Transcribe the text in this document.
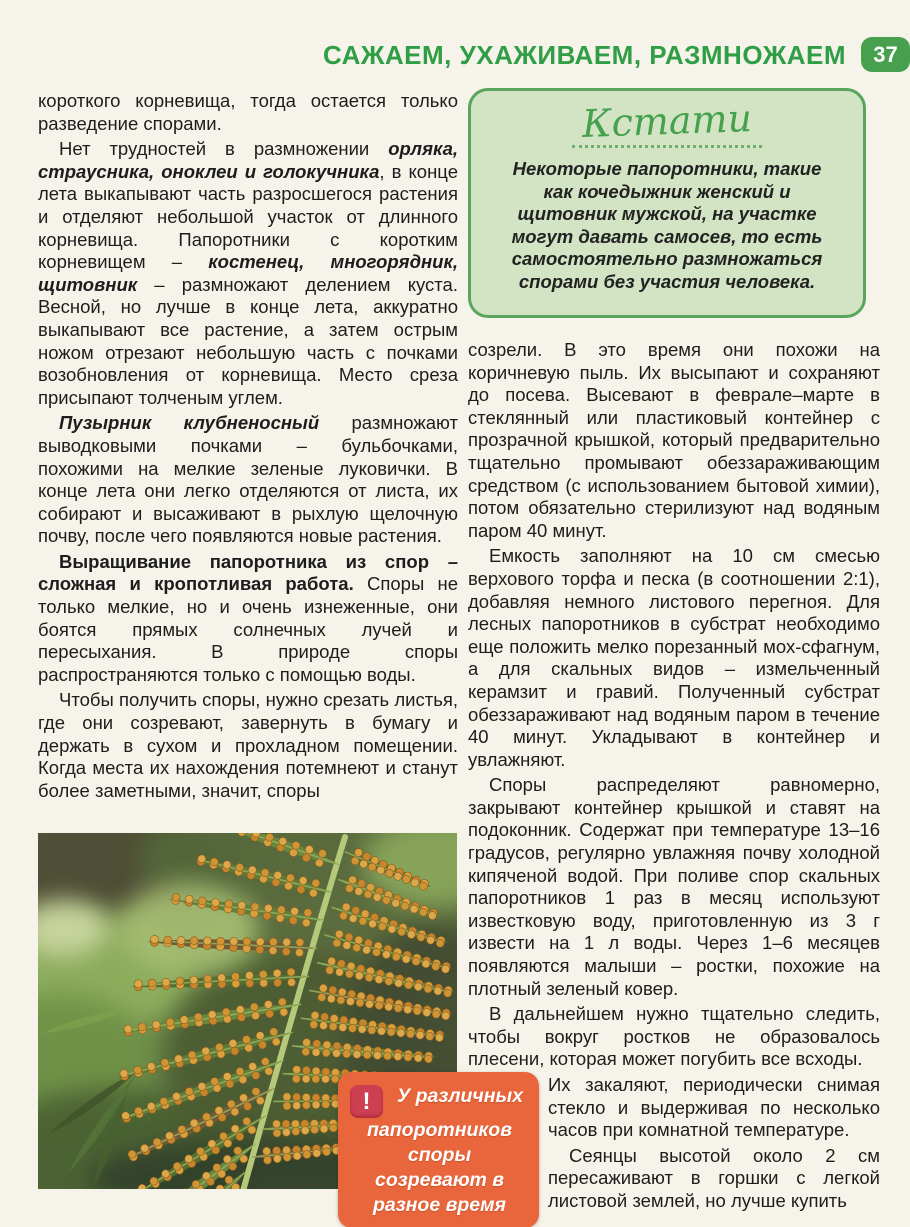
САЖАЕМ, УХАЖИВАЕМ, РАЗМНОЖАЕМ 37

короткого корневища, тогда остается только разведение спорами.

Нет трудностей в размножении орляка, страусника, оноклеи и голокучника, в конце лета выкапывают часть разросшегося растения и отделяют небольшой участок от длинного корневища. Папоротники с коротким корневищем – костенец, многорядник, щитовник – размножают делением куста. Весной, но лучше в конце лета, аккуратно выкапывают все растение, а затем острым ножом отрезают небольшую часть с почками возобновления от корневища. Место среза присыпают толченым углем.

Пузырник клубненосный размножают выводковыми почками – бульбочками, похожими на мелкие зеленые луковички. В конце лета они легко отделяются от листа, их собирают и высаживают в рыхлую щелочную почву, после чего появляются новые растения.

Выращивание папоротника из спор – сложная и кропотливая работа. Споры не только мелкие, но и очень изнеженные, они боятся прямых солнечных лучей и пересыхания. В природе споры распространяются только с помощью воды.

Чтобы получить споры, нужно срезать листья, где они созревают, завернуть в бумагу и держать в сухом и прохладном помещении. Когда места их нахождения потемнеют и станут более заметными, значит, споры

Кстати

Некоторые папоротники, такие как кочедыжник женский и щитовник мужской, на участке могут давать самосев, то есть самостоятельно размножаться спорами без участия человека.

созрели. В это время они похожи на коричневую пыль. Их высыпают и сохраняют до посева. Высевают в феврале–марте в стеклянный или пластиковый контейнер с прозрачной крышкой, который предварительно тщательно промывают обеззараживающим средством (с использованием бытовой химии), потом обязательно стерилизуют над водяным паром 40 минут.

Емкость заполняют на 10 см смесью верхового торфа и песка (в соотношении 2:1), добавляя немного листового перегноя. Для лесных папоротников в субстрат необходимо еще положить мелко порезанный мох-сфагнум, а для скальных видов – измельченный керамзит и гравий. Полученный субстрат обеззараживают над водяным паром в течение 40 минут. Укладывают в контейнер и увлажняют.

Споры распределяют равномерно, закрывают контейнер крышкой и ставят на подоконник. Содержат при температуре 13–16 градусов, регулярно увлажняя почву холодной кипяченой водой. При поливе спор скальных папоротников 1 раз в месяц используют известковую воду, приготовленную из 3 г извести на 1 л воды. Через 1–6 месяцев появляются малыши – ростки, похожие на плотный зеленый ковер.

В дальнейшем нужно тщательно следить, чтобы вокруг ростков не образовалось плесени, которая может погубить все всходы.

Их закаляют, периодически снимая стекло и выдерживая по несколько часов при комнатной температуре.

Сеянцы высотой около 2 см пересаживают в горшки с легкой листовой землей, но лучше купить

!	У различных папоротников споры созревают в разное время
